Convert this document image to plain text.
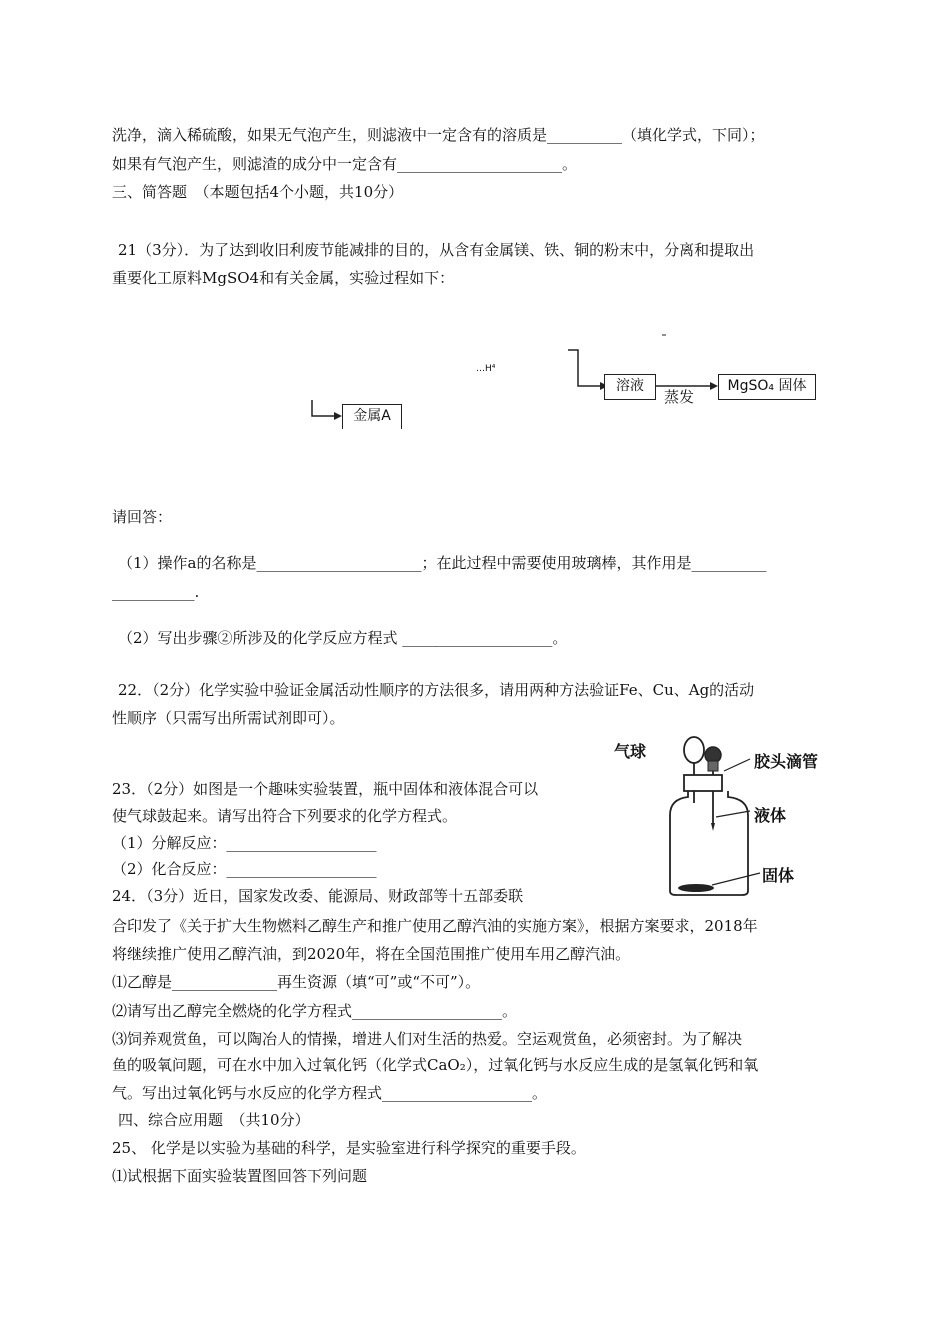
洗净，滴入稀硫酸，如果无气泡产生，则滤液中一定含有的溶质是__________（填化学式，下同）；
如果有气泡产生，则滤渣的成分中一定含有______________________。
三、简答题　（本题包括4个小题，共10分）
21（3分）．为了达到收旧利废节能减排的目的，从含有金属镁、铁、铜的粉末中，分离和提取出
重要化工原料MgSO4和有关金属，实验过程如下：
…H⁴
溶液
蒸发
MgSO₄ 固体
金属A
请回答：
（1）操作a的名称是______________________；在此过程中需要使用玻璃棒，其作用是__________
___________.
（2）写出步骤②所涉及的化学反应方程式 ____________________。
22．（2分）化学实验中验证金属活动性顺序的方法很多，请用两种方法验证Fe、Cu、Ag的活动
性顺序（只需写出所需试剂即可）。
23．（2分）如图是一个趣味实验装置，瓶中固体和液体混合可以
使气球鼓起来。请写出符合下列要求的化学方程式。
（1）分解反应：____________________
（2）化合反应：____________________
24．（3分）近日，国家发改委、能源局、财政部等十五部委联
气球
胶头滴管
液体
固体
合印发了《关于扩大生物燃料乙醇生产和推广使用乙醇汽油的实施方案》，根据方案要求，2018年
将继续推广使用乙醇汽油，到2020年，将在全国范围推广使用车用乙醇汽油。
⑴乙醇是______________再生资源（填“可”或“不可”）。
⑵请写出乙醇完全燃烧的化学方程式____________________。
⑶饲养观赏鱼，可以陶冶人的情操，增进人们对生活的热爱。空运观赏鱼，必须密封。为了解决
鱼的吸氧问题，可在水中加入过氧化钙（化学式CaO₂），过氧化钙与水反应生成的是氢氧化钙和氧
气。写出过氧化钙与水反应的化学方程式____________________。
四、综合应用题　（共10分）
25、 化学是以实验为基础的科学，是实验室进行科学探究的重要手段。
⑴试根据下面实验装置图回答下列问题
